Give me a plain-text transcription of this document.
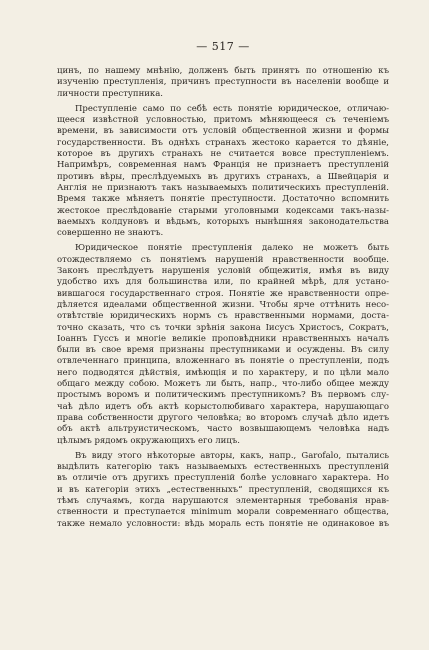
— 517 —
цинъ, по нашему мнѣнію, долженъ быть принятъ по отношенію къ
изученію преступленія, причинъ преступности въ населеніи вообще и
личности преступника.
Преступленіе само по себѣ есть понятіе юридическое, отличаю-
щееся извѣстной условностью, притомъ мѣняющееся съ теченіемъ
времени, въ зависимости отъ условій общественной жизни и формы
государственности. Въ однѣхъ странахъ жестоко карается то дѣяніе,
которое въ другихъ странахъ не считается вовсе преступленіемъ.
Напримѣръ, современная намъ Франція не признаетъ преступленій
противъ вѣры, преслѣдуемыхъ въ другихъ странахъ, а Швейцарія и
Англія не признаютъ такъ называемыхъ политическихъ преступленій.
Время также мѣняетъ понятіе преступности. Достаточно вспомнить
жестокое преслѣдованіе старыми уголовными кодексами такъ-назы-
ваемыхъ колдуновъ и вѣдьмъ, которыхъ нынѣшняя законодательства
совершенно не знаютъ.
Юридическое понятіе преступленія далеко не можетъ быть
отождествляемо съ понятіемъ нарушеній нравственности вообще.
Законъ преслѣдуетъ нарушенія условій общежитія, имѣя въ виду
удобство ихъ для большинства или, по крайней мѣрѣ, для устано-
вившагося государственнаго строя. Понятіе же нравственности опре-
дѣляется идеалами общественной жизни. Чтобы ярче оттѣнить несо-
отвѣтствіе юридическихъ нормъ съ нравственными нормами, доста-
точно сказать, что съ точки зрѣнія закона Іисусъ Христосъ, Сократъ,
Іоаннъ Гуссъ и многіе великіе проповѣдники нравственныхъ началъ
были въ свое время признаны преступниками и осуждены. Въ силу
отвлеченнаго принципа, вложеннаго въ понятіе о преступленіи, подъ
него подводятся дѣйствія, имѣющія и по характеру, и по цѣли мало
общаго между собою. Можетъ ли быть, напр., что-либо общее между
простымъ воромъ и политическимъ преступникомъ? Въ первомъ слу-
чаѣ дѣло идетъ объ актѣ корыстолюбиваго характера, нарушающаго
права собственности другого человѣка; во второмъ случаѣ дѣло идетъ
объ актѣ альтруистическомъ, часто возвышающемъ человѣка надъ
цѣлымъ рядомъ окружающихъ его лицъ.
Въ виду этого нѣкоторые авторы, какъ, напр., Garofalo, пытались
выдѣлить категорію такъ называемыхъ естественныхъ преступленій
въ отличіе отъ другихъ преступленій болѣе условнаго характера. Но
и въ категоріи этихъ „естественныхъ“ преступленій, сводящихся къ
тѣмъ случаямъ, когда нарушаются элементарныя требованія нрав-
ственности и преступается minimum морали современнаго общества,
также немало условности: вѣдь мораль есть понятіе не одинаковое въ
